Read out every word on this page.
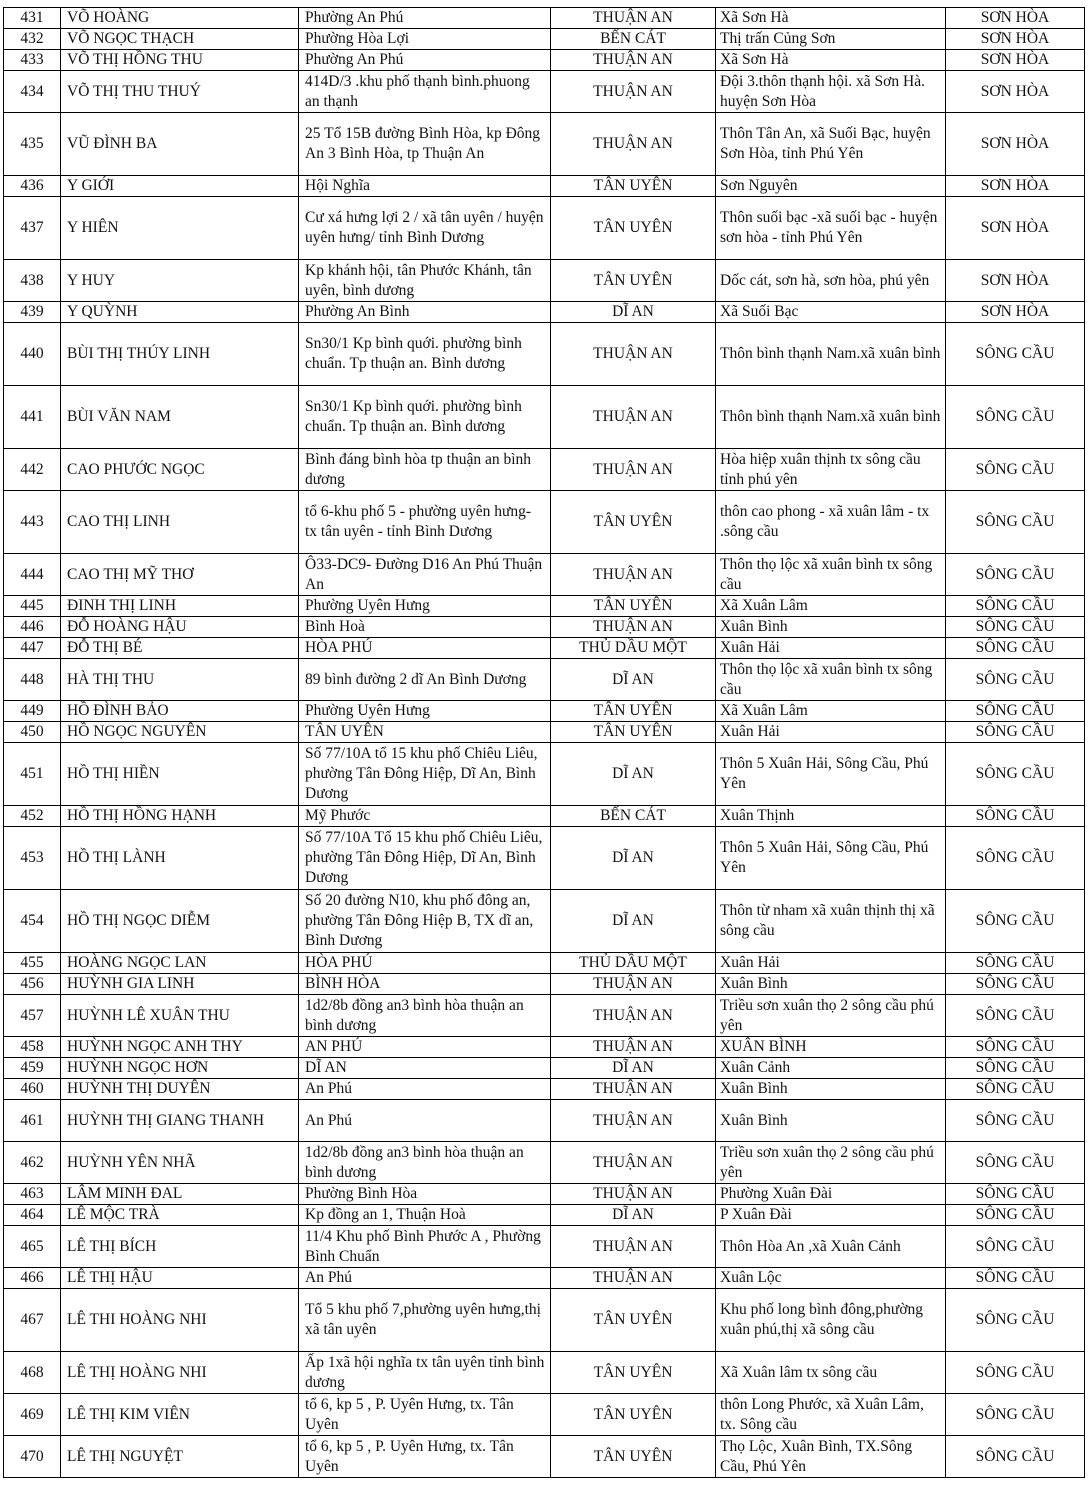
431	VÕ HOÀNG	Phường An Phú	THUẬN AN	Xã Sơn Hà	SƠN HÒA
432	VÕ NGỌC THẠCH	Phường Hòa Lợi	BẾN CÁT	Thị trấn Củng Sơn	SƠN HÒA
433	VÕ THỊ HỒNG THU	Phường An Phú	THUẬN AN	Xã Sơn Hà	SƠN HÒA
434	VÕ THỊ THU THUÝ	414D/3 .khu phố thạnh bình.phuong an thạnh	THUẬN AN	Đội 3.thôn thạnh hội. xã Sơn Hà. huyện Sơn Hòa	SƠN HÒA
435	VŨ ĐÌNH BA	25 Tổ 15B đường Bình Hòa, kp Đông An 3 Bình Hòa, tp Thuận An	THUẬN AN	Thôn Tân An, xã Suối Bạc, huyện Sơn Hòa, tỉnh Phú Yên	SƠN HÒA
436	Y GIỚI	Hội Nghĩa	TÂN UYÊN	Sơn Nguyên	SƠN HÒA
437	Y HIÊN	Cư xá hưng lợi 2 / xã tân uyên / huyện uyên hưng/ tỉnh Bình Dương	TÂN UYÊN	Thôn suối bạc -xã suối bạc - huyện sơn hòa - tỉnh Phú Yên	SƠN HÒA
438	Y HUY	Kp khánh hội, tân Phước Khánh, tân uyên, bình dương	TÂN UYÊN	Dốc cát, sơn hà, sơn hòa, phú yên	SƠN HÒA
439	Y QUỲNH	Phường An Bình	DĨ AN	Xã Suối Bạc	SƠN HÒA
440	BÙI THỊ THÚY LINH	Sn30/1 Kp bình quới. phường bình chuẩn. Tp thuận an. Bình dương	THUẬN AN	Thôn bình thạnh Nam.xã xuân bình	SÔNG CẦU
441	BÙI VĂN NAM	Sn30/1 Kp bình quới. phường bình chuẩn. Tp thuận an. Bình dương	THUẬN AN	Thôn bình thạnh Nam.xã xuân bình	SÔNG CẦU
442	CAO PHƯỚC NGỌC	Bình đáng bình hòa tp thuận an bình dương	THUẬN AN	Hòa hiệp xuân thịnh tx sông cầu tỉnh phú yên	SÔNG CẦU
443	CAO THỊ LINH	tổ 6-khu phố 5 - phường uyên hưng- tx tân uyên - tỉnh Bình Dương	TÂN UYÊN	thôn cao phong - xã xuân lâm - tx .sông cầu	SÔNG CẦU
444	CAO THỊ MỸ THƠ	Ô33-DC9- Đường D16 An Phú Thuận An	THUẬN AN	Thôn thọ lộc xã xuân bình tx sông cầu	SÔNG CẦU
445	ĐINH THỊ LINH	Phường Uyên Hưng	TÂN UYÊN	Xã Xuân Lâm	SÔNG CẦU
446	ĐỖ HOÀNG HẬU	Bình Hoà	THUẬN AN	Xuân Bình	SÔNG CẦU
447	ĐỖ THỊ BÉ	HÒA PHÚ	THỦ DẦU MỘT	Xuân Hải	SÔNG CẦU
448	HÀ THỊ THU	89 bình đường 2 dĩ An Bình Dương	DĨ AN	Thôn thọ lộc xã xuân bình tx sông cầu	SÔNG CẦU
449	HỒ ĐÌNH BẢO	Phường Uyên Hưng	TÂN UYÊN	Xã Xuân Lâm	SÔNG CẦU
450	HỒ NGỌC NGUYÊN	TÂN UYÊN	TÂN UYÊN	Xuân Hải	SÔNG CẦU
451	HỒ THỊ HIỀN	Số 77/10A tổ 15 khu phố Chiêu Liêu, phường Tân Đông Hiệp, Dĩ An, Bình Dương	DĨ AN	Thôn 5 Xuân Hải, Sông Cầu, Phú Yên	SÔNG CẦU
452	HỒ THỊ HỒNG HẠNH	Mỹ Phước	BẾN CÁT	Xuân Thịnh	SÔNG CẦU
453	HỒ THỊ LÀNH	Số 77/10A Tổ 15 khu phố Chiêu Liêu, phường Tân Đông Hiệp, Dĩ An, Bình Dương	DĨ AN	Thôn 5 Xuân Hải, Sông Cầu, Phú Yên	SÔNG CẦU
454	HỒ THỊ NGỌC DIỄM	Số 20 đường N10, khu phố đông an, phường Tân Đông Hiệp B, TX dĩ an, Bình Dương	DĨ AN	Thôn từ nham xã xuân thịnh thị xã sông cầu	SÔNG CẦU
455	HOÀNG NGỌC LAN	HÒA PHÚ	THỦ DẦU MỘT	Xuân Hải	SÔNG CẦU
456	HUỲNH GIA LINH	BÌNH HÒA	THUẬN AN	Xuân Bình	SÔNG CẦU
457	HUỲNH LÊ XUÂN THU	1d2/8b đồng an3 bình hòa thuận an bình dương	THUẬN AN	Triều sơn xuân thọ 2 sông cầu phú yên	SÔNG CẦU
458	HUỲNH NGỌC ANH THY	AN PHÚ	THUẬN AN	XUÂN BÌNH	SÔNG CẦU
459	HUỲNH NGỌC HƠN	DĨ AN	DĨ AN	Xuân Cảnh	SÔNG CẦU
460	HUỲNH THỊ DUYÊN	An Phú	THUẬN AN	Xuân Bình	SÔNG CẦU
461	HUỲNH THỊ GIANG THANH	An Phú	THUẬN AN	Xuân Bình	SÔNG CẦU
462	HUỲNH YÊN NHÃ	1d2/8b đồng an3 bình hòa thuận an bình dương	THUẬN AN	Triều sơn xuân thọ 2 sông cầu phú yên	SÔNG CẦU
463	LÂM MINH ĐAL	Phường Bình Hòa	THUẬN AN	Phường Xuân Đài	SÔNG CẦU
464	LÊ MỘC TRÀ	Kp đồng an 1, Thuận Hoà	DĨ AN	P Xuân Đài	SÔNG CẦU
465	LÊ THỊ BÍCH	11/4 Khu phố Bình Phước A , Phường Bình Chuẩn	THUẬN AN	Thôn Hòa An ,xã Xuân Cảnh	SÔNG CẦU
466	LÊ THỊ HẬU	An Phú	THUẬN AN	Xuân Lộc	SÔNG CẦU
467	LÊ THI HOÀNG NHI	Tổ 5 khu phố 7,phường uyên hưng,thị xã tân uyên	TÂN UYÊN	Khu phố long bình đông,phường xuân phú,thị xã sông cầu	SÔNG CẦU
468	LÊ THỊ HOÀNG NHI	Ấp 1xã hội nghĩa tx tân uyên tỉnh bình dương	TÂN UYÊN	Xã Xuân lâm tx sông cầu	SÔNG CẦU
469	LÊ THỊ KIM VIÊN	tổ 6, kp 5 , P. Uyên Hưng, tx. Tân Uyên	TÂN UYÊN	thôn Long Phước, xã Xuân Lâm, tx. Sông cầu	SÔNG CẦU
470	LÊ THỊ NGUYỆT	tổ 6, kp 5 , P. Uyên Hưng, tx. Tân Uyên	TÂN UYÊN	Thọ Lộc, Xuân Bình, TX.Sông Cầu, Phú Yên	SÔNG CẦU
